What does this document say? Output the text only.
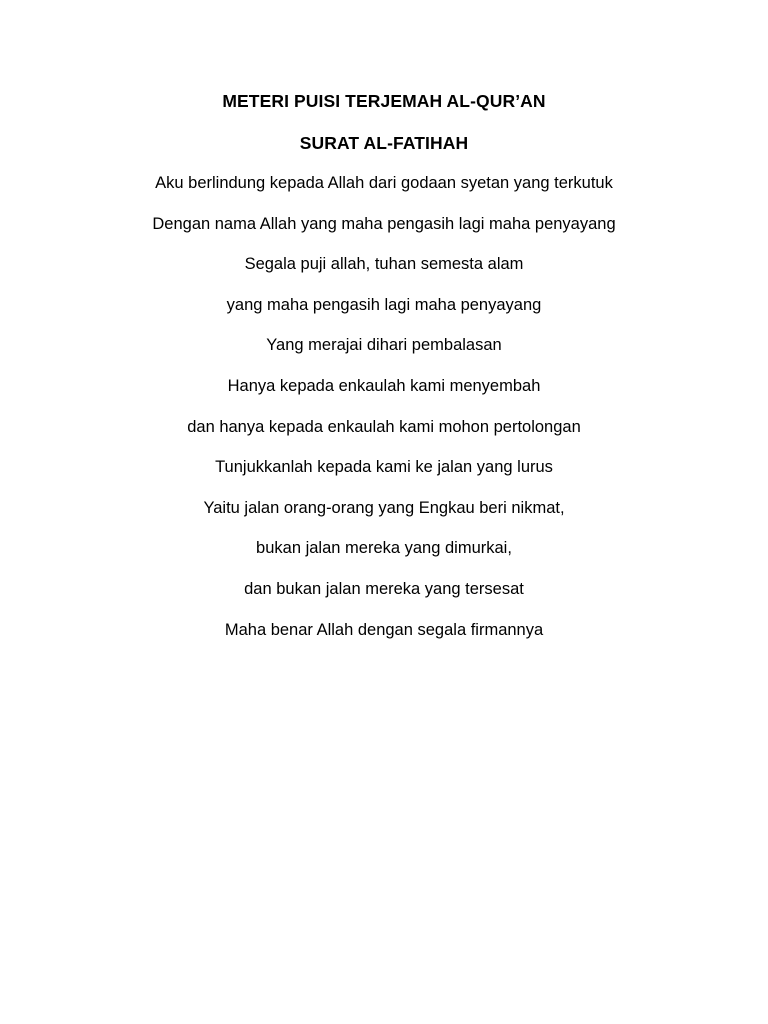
METERI PUISI TERJEMAH AL-QUR’AN
SURAT AL-FATIHAH
Aku berlindung kepada Allah dari godaan syetan yang terkutuk
Dengan nama Allah yang maha pengasih lagi maha penyayang
Segala puji allah, tuhan semesta alam
yang maha pengasih lagi maha penyayang
Yang merajai dihari pembalasan
Hanya kepada enkaulah kami menyembah
dan hanya kepada enkaulah kami mohon pertolongan
Tunjukkanlah kepada kami ke jalan yang lurus
Yaitu jalan orang-orang yang Engkau beri nikmat,
bukan jalan mereka yang dimurkai,
dan bukan jalan mereka yang tersesat
Maha benar Allah dengan segala firmannya
